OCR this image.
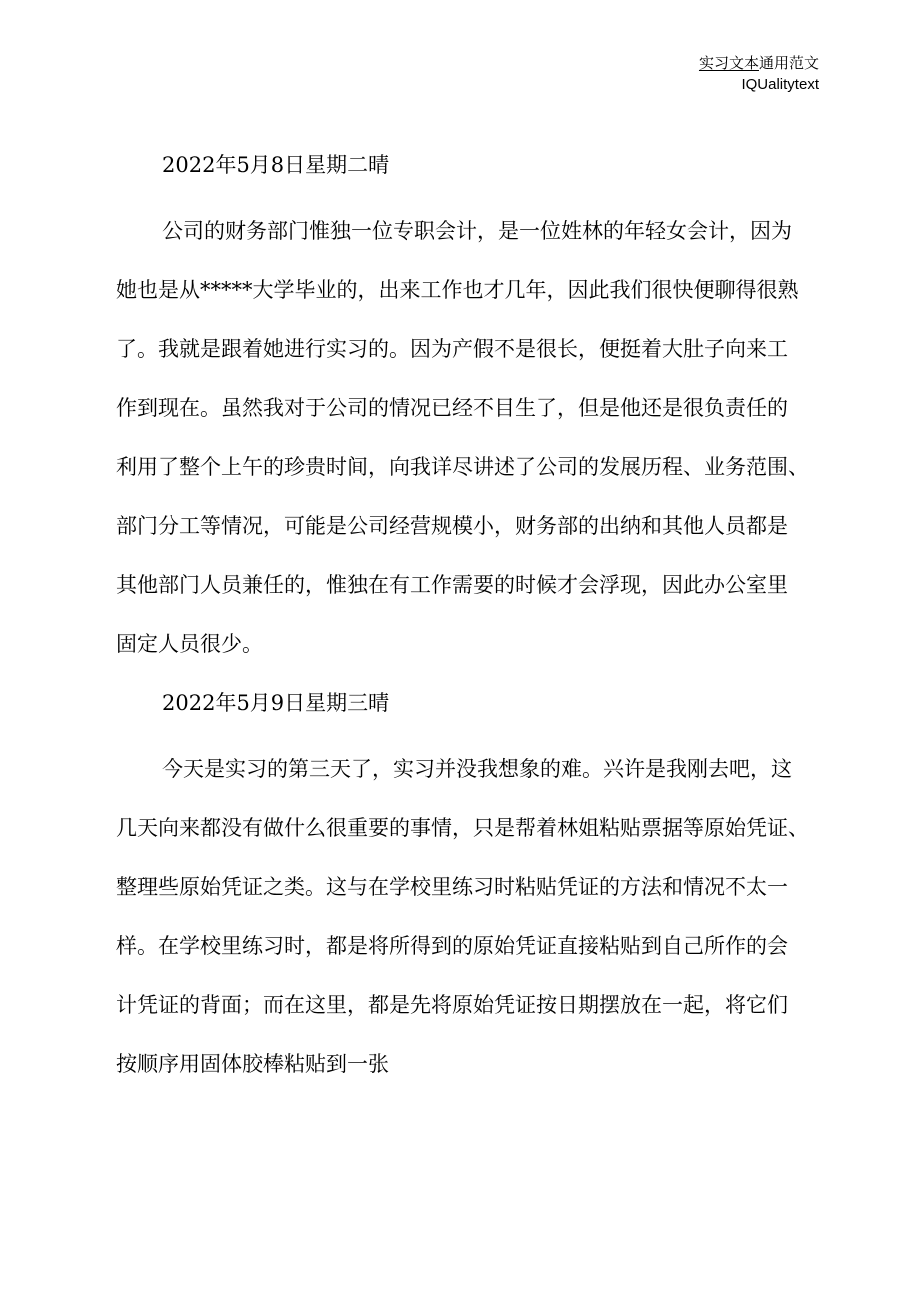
实习文本通用范文
IQUalitytext
2022年5月8日星期二晴
公司的财务部门惟独一位专职会计，是一位姓林的年轻女会计，因为
她也是从*****大学毕业的，出来工作也才几年，因此我们很快便聊得很熟
了。我就是跟着她进行实习的。因为产假不是很长，便挺着大肚子向来工
作到现在。虽然我对于公司的情况已经不目生了，但是他还是很负责任的
利用了整个上午的珍贵时间，向我详尽讲述了公司的发展历程、业务范围、
部门分工等情况，可能是公司经营规模小，财务部的出纳和其他人员都是
其他部门人员兼任的，惟独在有工作需要的时候才会浮现，因此办公室里
固定人员很少。
2022年5月9日星期三晴
今天是实习的第三天了，实习并没我想象的难。兴许是我刚去吧，这
几天向来都没有做什么很重要的事情，只是帮着林姐粘贴票据等原始凭证、
整理些原始凭证之类。这与在学校里练习时粘贴凭证的方法和情况不太一
样。在学校里练习时，都是将所得到的原始凭证直接粘贴到自己所作的会
计凭证的背面；而在这里，都是先将原始凭证按日期摆放在一起，将它们
按顺序用固体胶棒粘贴到一张
